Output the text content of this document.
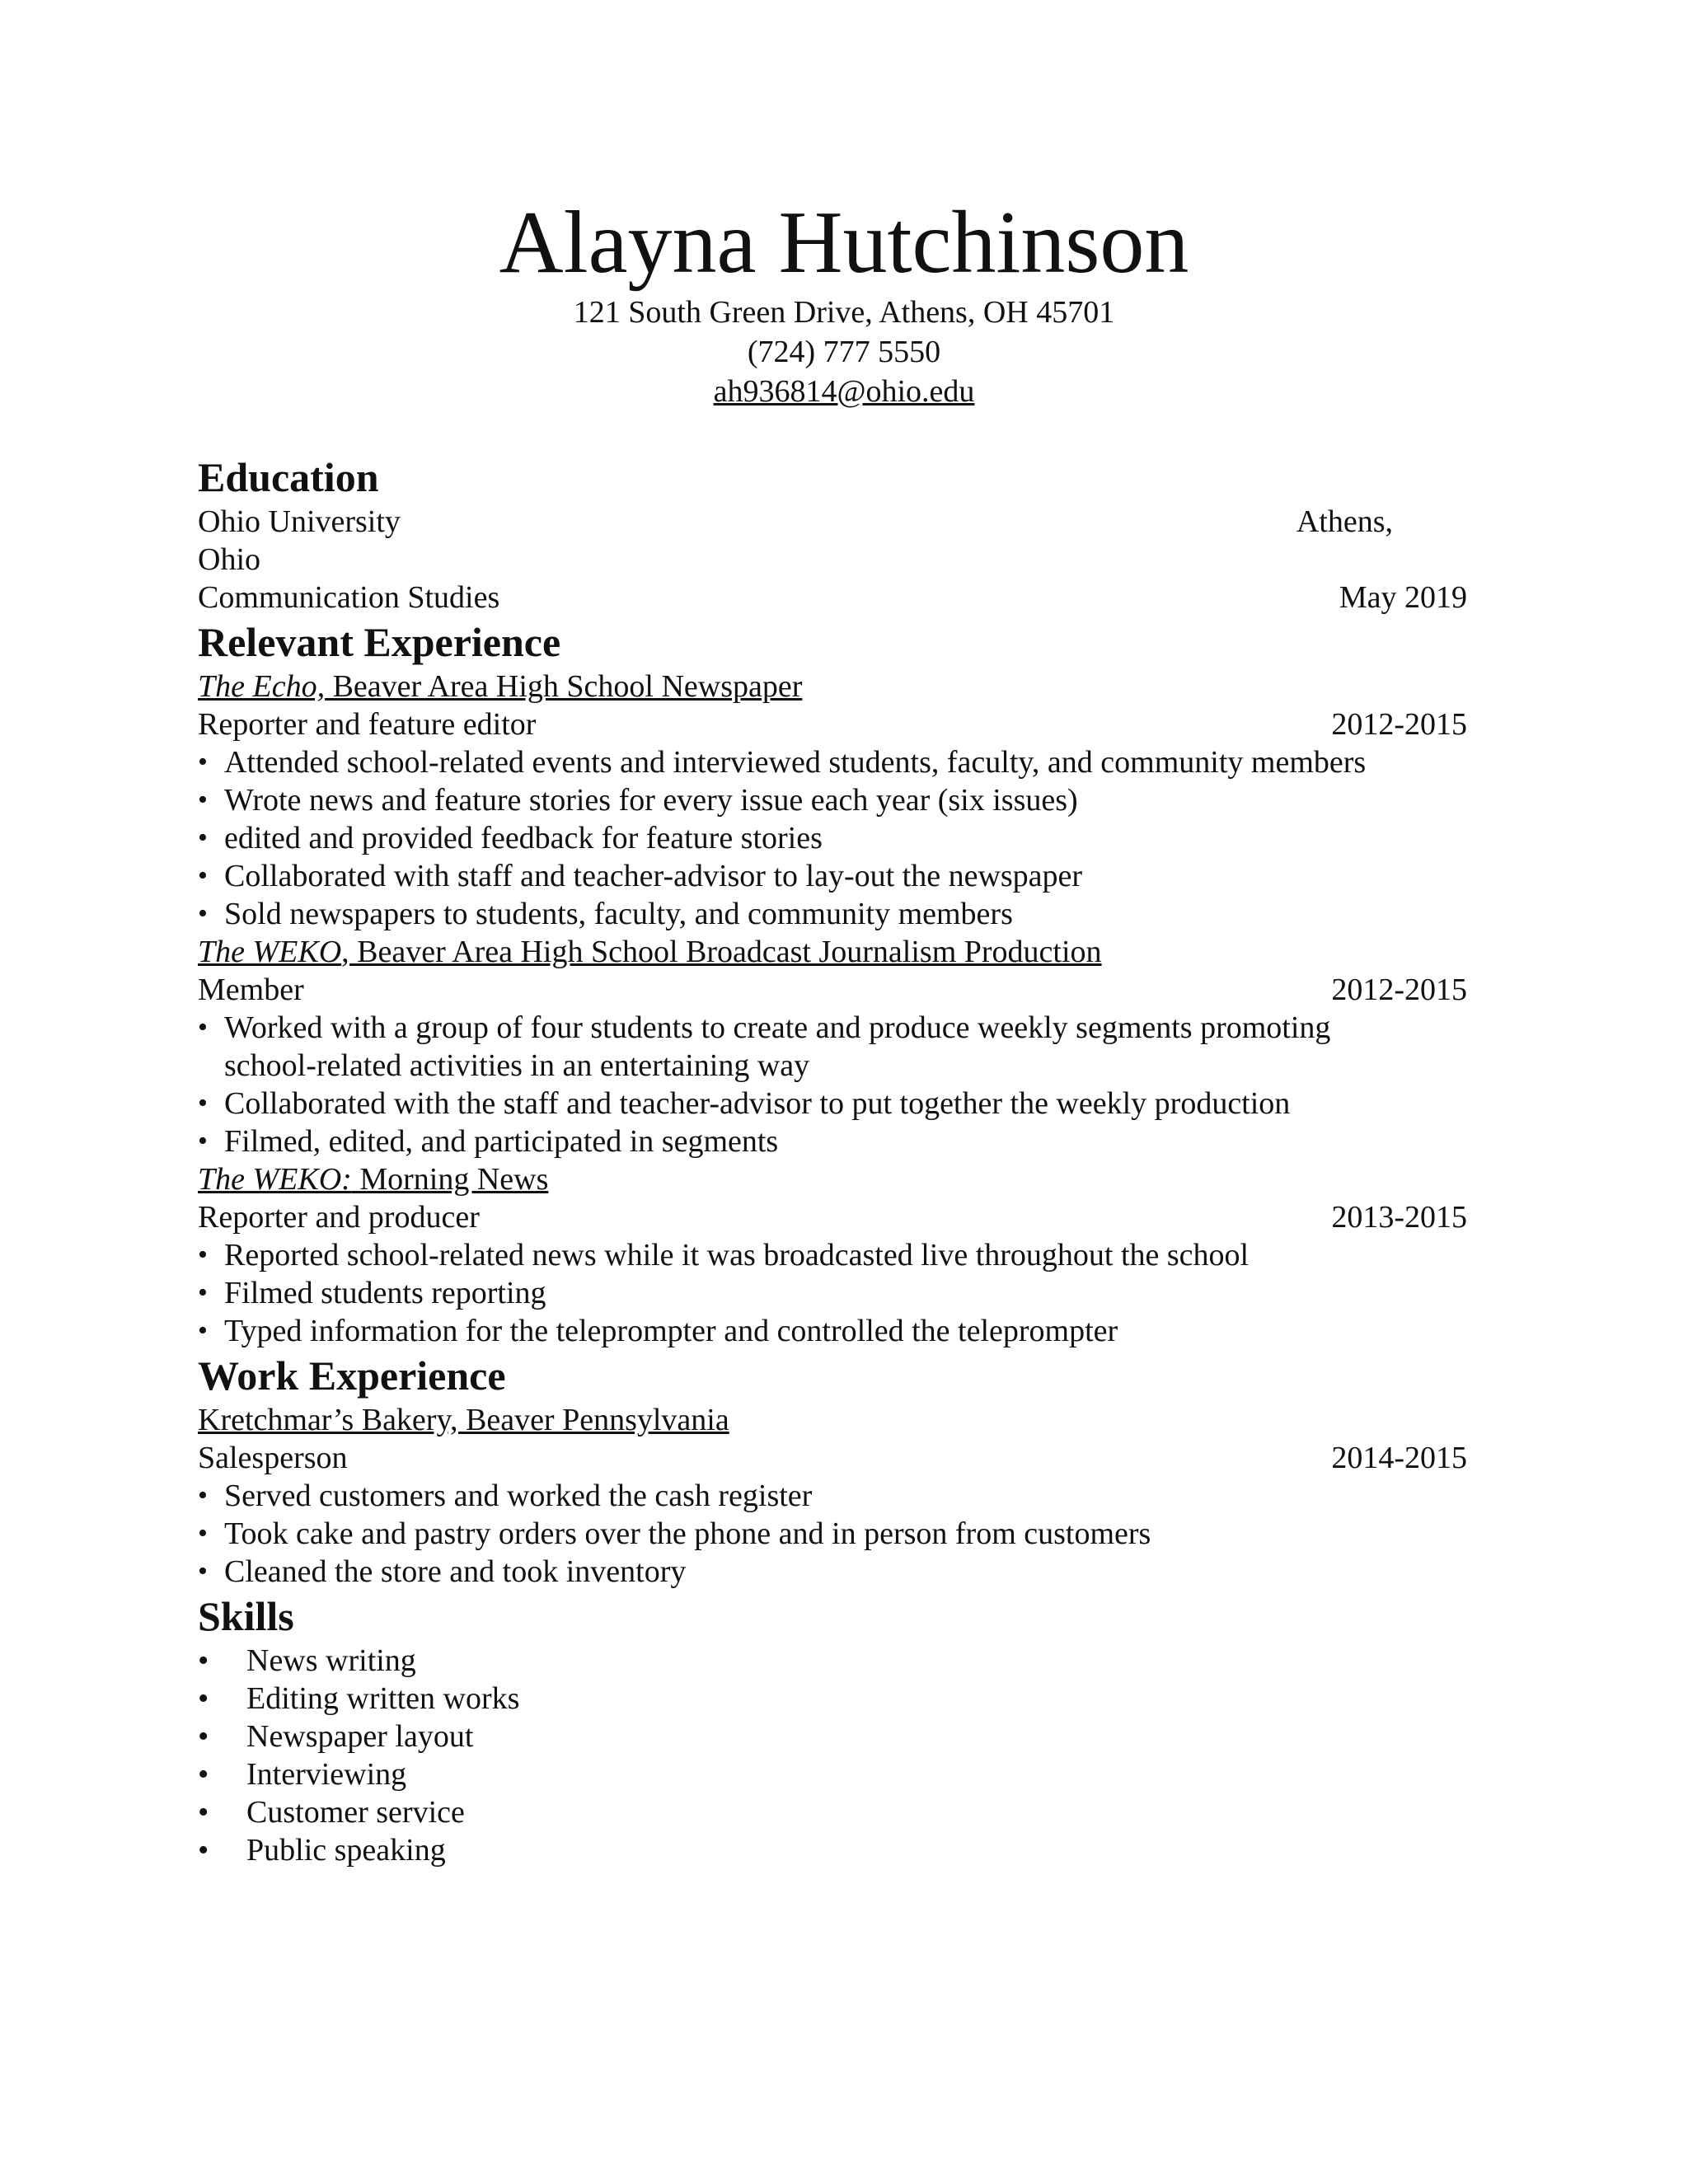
Alayna Hutchinson
121 South Green Drive, Athens, OH 45701
(724) 777 5550
ah936814@ohio.edu
Education
Ohio University	Athens,
Ohio
Communication Studies	May 2019
Relevant Experience
The Echo, Beaver Area High School Newspaper
Reporter and feature editor	2012-2015
• Attended school-related events and interviewed students, faculty, and community members
• Wrote news and feature stories for every issue each year (six issues)
• edited and provided feedback for feature stories
• Collaborated with staff and teacher-advisor to lay-out the newspaper
• Sold newspapers to students, faculty, and community members
The WEKO, Beaver Area High School Broadcast Journalism Production
Member	2012-2015
• Worked with a group of four students to create and produce weekly segments promoting school-related activities in an entertaining way
• Collaborated with the staff and teacher-advisor to put together the weekly production
• Filmed, edited, and participated in segments
The WEKO: Morning News
Reporter and producer	2013-2015
• Reported school-related news while it was broadcasted live throughout the school
• Filmed students reporting
• Typed information for the teleprompter and controlled the teleprompter
Work Experience
Kretchmar’s Bakery, Beaver Pennsylvania
Salesperson	2014-2015
• Served customers and worked the cash register
• Took cake and pastry orders over the phone and in person from customers
• Cleaned the store and took inventory
Skills
• News writing
• Editing written works
• Newspaper layout
• Interviewing
• Customer service
• Public speaking
